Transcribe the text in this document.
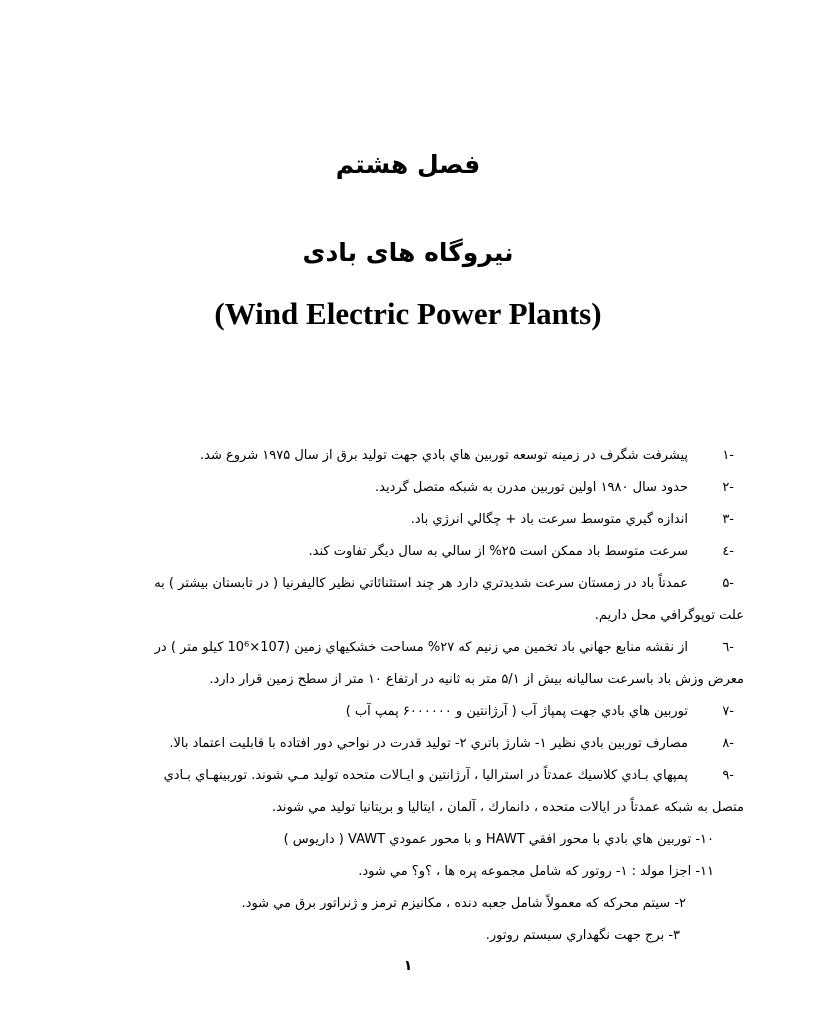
فصل هشتم
نیروگاه های بادی
(Wind Electric Power Plants)
-۱
پيشرفت شگرف در زمينه توسعه توربين هاي بادي جهت توليد برق از سال ۱۹۷۵ شروع شد.
-۲
حدود سال ۱۹۸۰ اولين توربين مدرن به شبكه متصل گرديد.
-۳
اندازه گيري متوسط سرعت باد + چگالي انرژي باد.
-٤
سرعت متوسط باد ممكن است ۲۵% از سالي به سال ديگر تفاوت كند.
-۵
عمدتاً باد در زمستان سرعت شديدتري دارد هر چند استثنائاتي نظير كاليفرنيا ( در تابستان بيشتر ) به
علت توپوگرافي محل داريم.
-٦
از نقشه منابع جهاني باد تخمين مي زنيم كه ۲۷% مساحت خشكيهاي زمين (107×10⁶ كيلو متر ) در
معرض وزش باد باسرعت ساليانه بيش از ۵/۱ متر به ثانيه در ارتفاع ۱۰ متر از سطح زمين قرار دارد.
-۷
توربين هاي بادي جهت پمپاژ آب ( آرژانتين و ۶۰۰۰۰۰۰ پمپ آب )
-۸
مصارف توربين بادي نظير ۱- شارژ باتري ۲- توليد قدرت در نواحي دور افتاده با قابليت اعتماد بالا.
-۹
پمپهاي بـادي كلاسيك عمدتاً در استراليا ، آرژانتين و ايـالات متحده توليد مـي شوند. توربينهـاي بـادي
متصل به شبكه عمدتاً در ايالات متحده ، دانمارك ، آلمان ، ايتاليا و بريتانيا توليد مي شوند.
۱۰- توربين هاي بادي با محور افقي HAWT و با محور عمودي VAWT ( داريوس )
۱۱- اجزا مولد : ۱- روتور كه شامل مجموعه پره ها ، ؟و؟ مي شود.
۲- سيتم محركه كه معمولاً شامل جعبه دنده ، مكانيزم ترمز و ژنراتور برق مي شود.
۳- برج جهت نگهداري سيستم روتور.
۱
